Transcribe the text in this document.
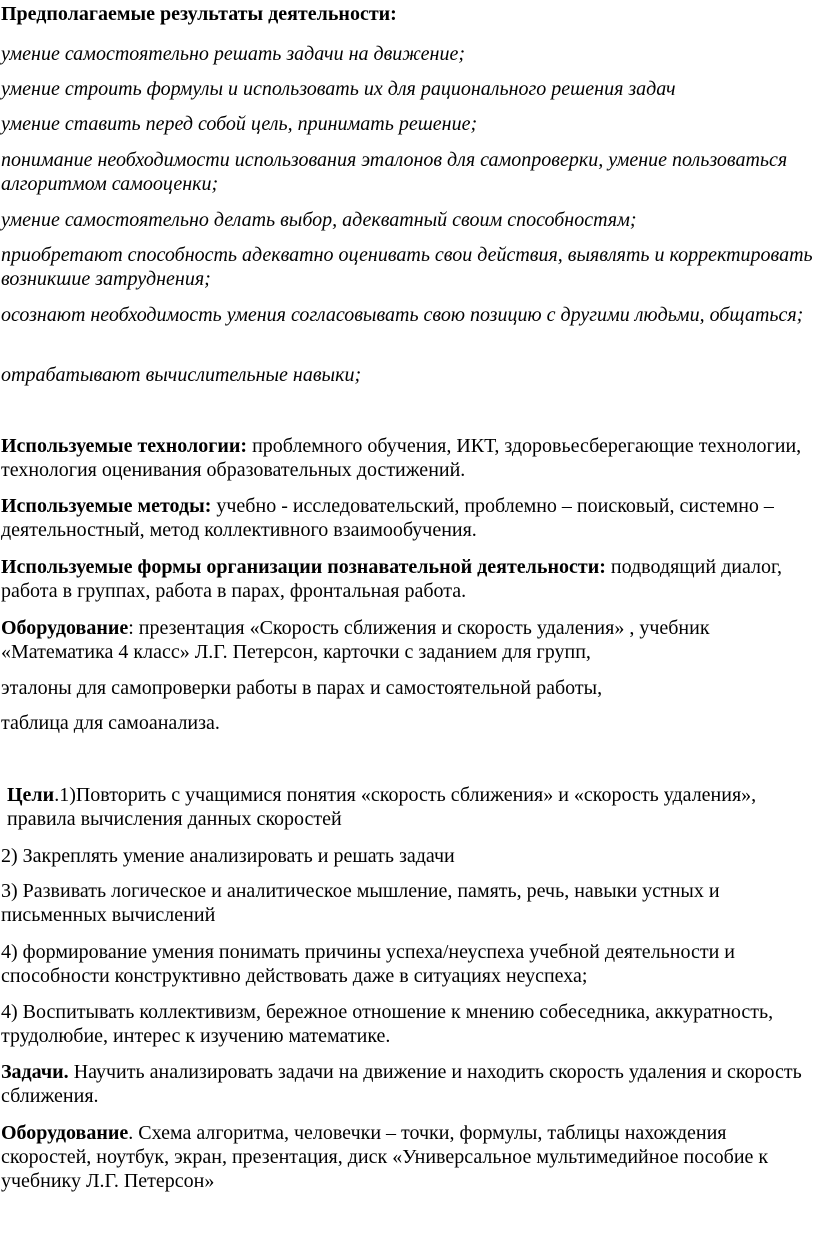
Предполагаемые результаты деятельности:

умение самостоятельно решать задачи на движение;

умение строить формулы и использовать их для рационального решения задач

умение ставить перед собой цель, принимать решение;

понимание необходимости использования эталонов для самопроверки, умение пользоваться алгоритмом самооценки;

умение самостоятельно делать выбор, адекватный своим способностям;

приобретают способность адекватно оценивать свои действия, выявлять и корректировать возникшие затруднения;

осознают необходимость умения согласовывать свою позицию с другими людьми, общаться;

отрабатывают вычислительные навыки;

Используемые технологии: проблемного обучения, ИКТ, здоровьесберегающие технологии, технология оценивания образовательных достижений.

Используемые методы: учебно - исследовательский, проблемно – поисковый, системно – деятельностный, метод коллективного взаимообучения.

Используемые формы организации познавательной деятельности: подводящий диалог, работа в группах, работа в парах, фронтальная работа.

Оборудование: презентация «Скорость сближения и скорость удаления» , учебник «Математика 4 класс» Л.Г. Петерсон, карточки с заданием для групп,

эталоны для самопроверки работы в парах и самостоятельной работы,

таблица для самоанализа.

Цели.1)Повторить с учащимися понятия «скорость сближения» и «скорость удаления», правила вычисления данных скоростей

2) Закреплять умение анализировать и решать задачи

3) Развивать логическое и аналитическое мышление, память, речь, навыки устных и письменных вычислений

4) формирование умения понимать причины успеха/неуспеха учебной деятельности и способности конструктивно действовать даже в ситуациях неуспеха;

4) Воспитывать коллективизм, бережное отношение к мнению собеседника, аккуратность, трудолюбие, интерес к изучению математике.

Задачи. Научить анализировать задачи на движение и находить скорость удаления и скорость сближения.

Оборудование. Схема алгоритма, человечки – точки, формулы, таблицы нахождения скоростей, ноутбук, экран, презентация, диск «Универсальное мультимедийное пособие к учебнику Л.Г. Петерсон»
